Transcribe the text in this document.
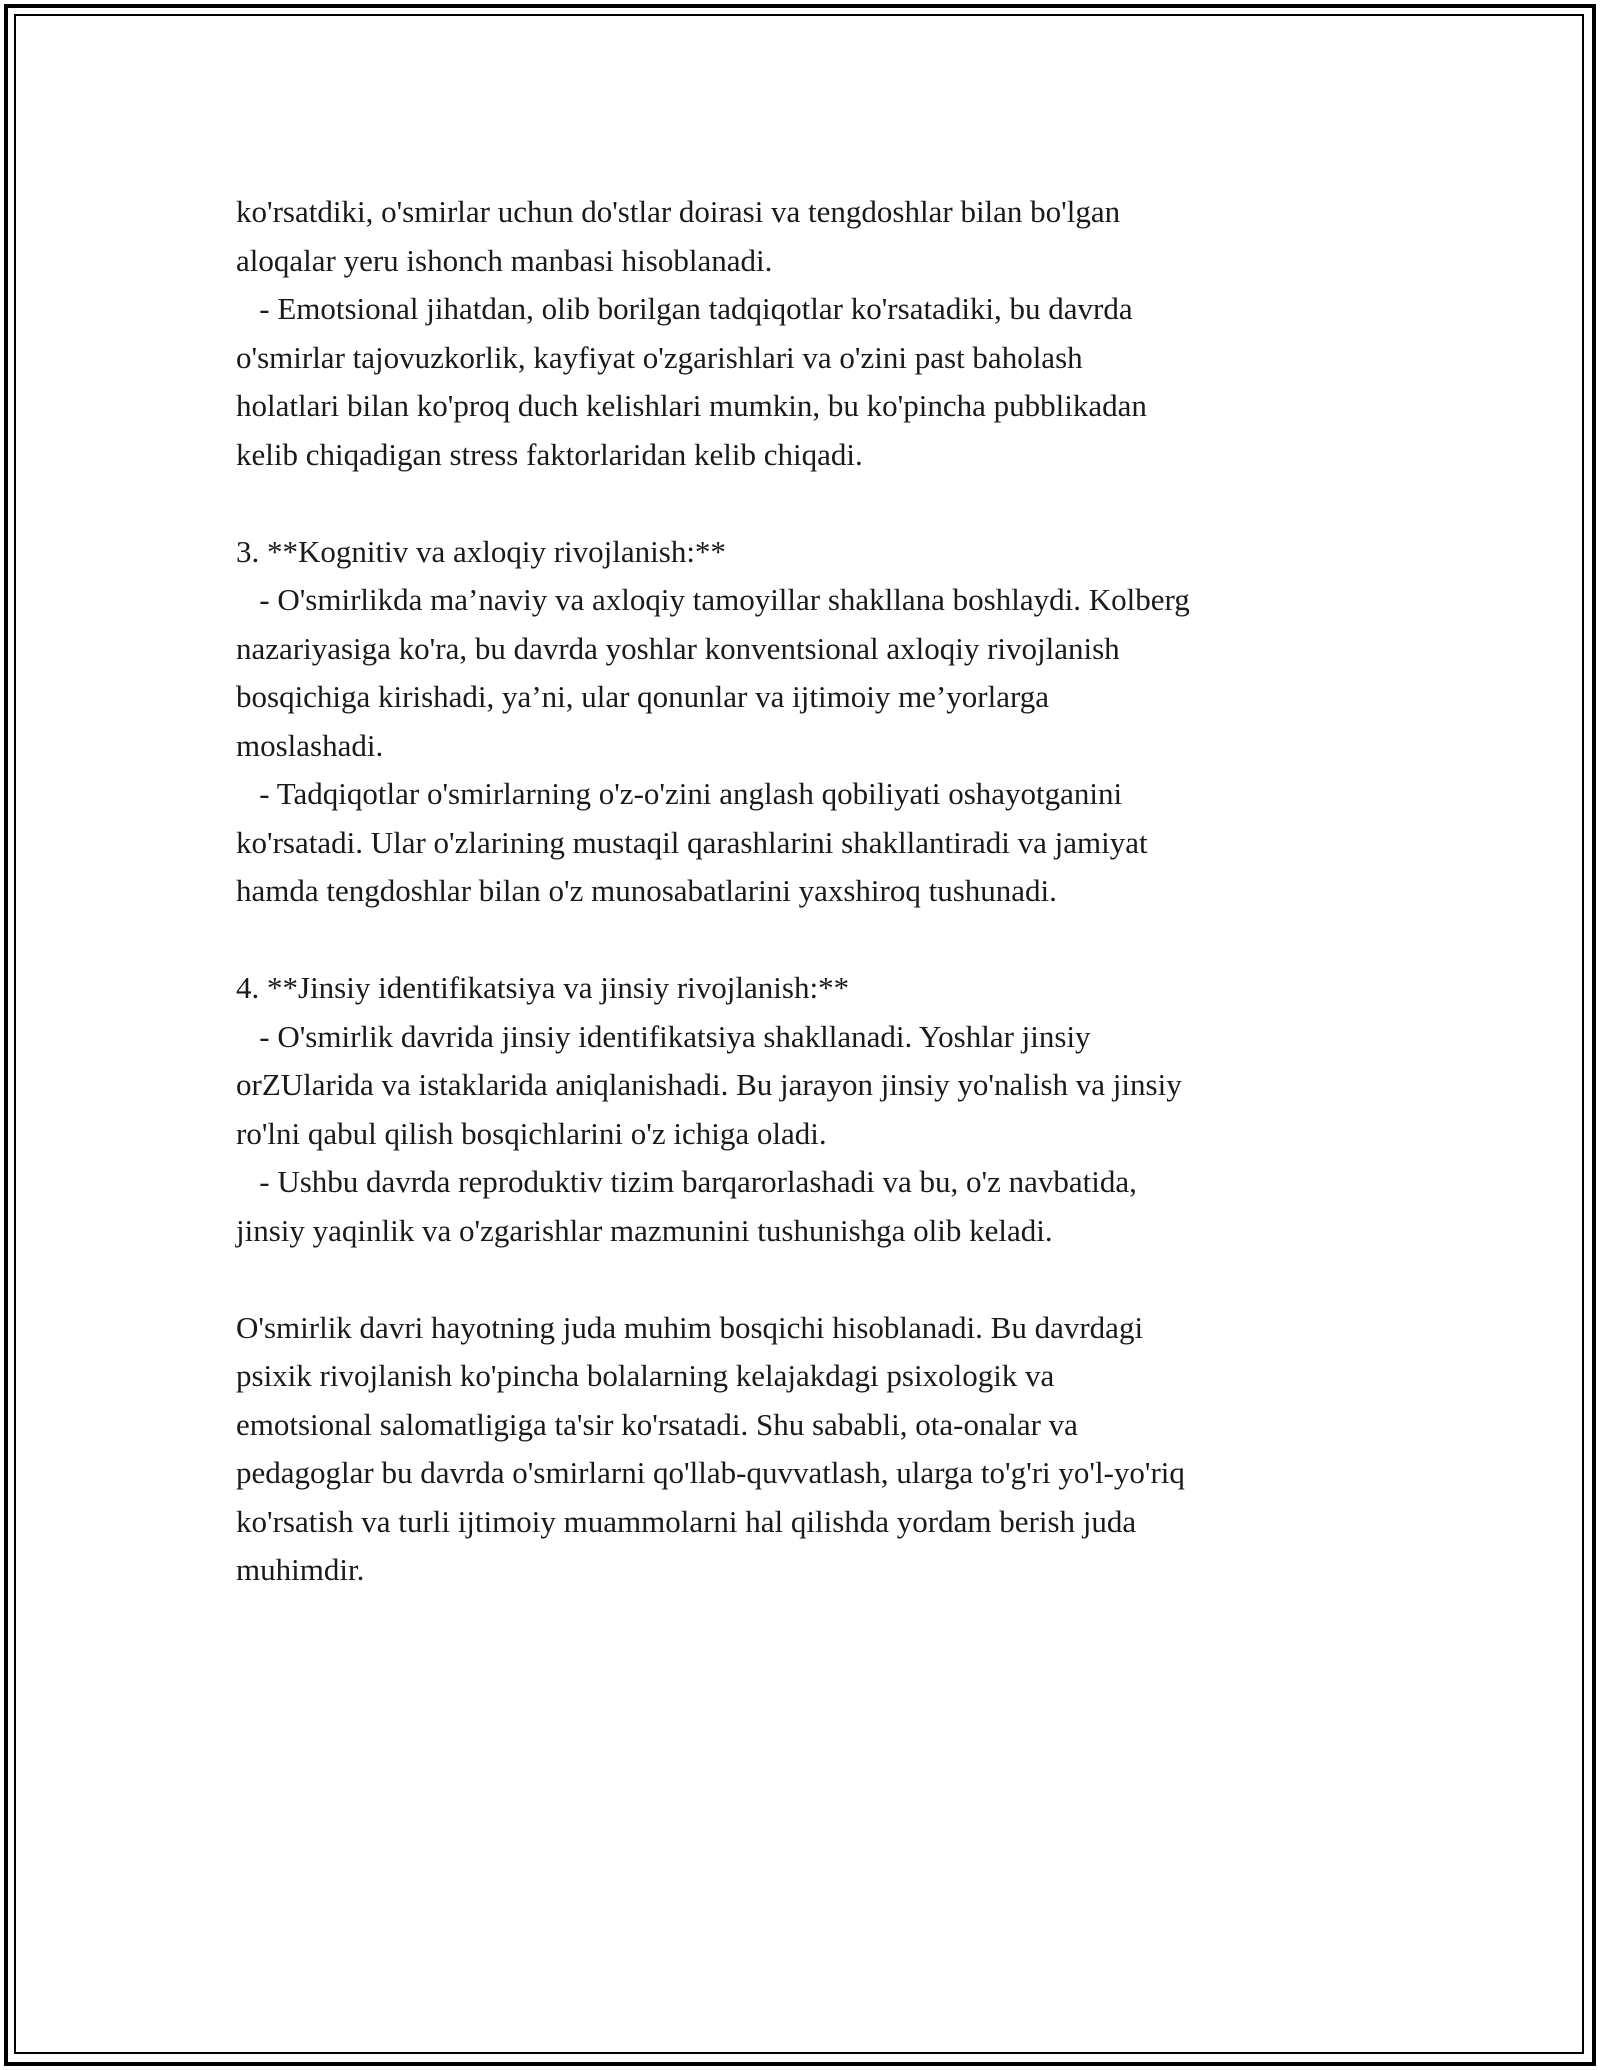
ko'rsatdiki, o'smirlar uchun do'stlar doirasi va tengdoshlar bilan bo'lgan
aloqalar yeru ishonch manbasi hisoblanadi.
- Emotsional jihatdan, olib borilgan tadqiqotlar ko'rsatadiki, bu davrda
o'smirlar tajovuzkorlik, kayfiyat o'zgarishlari va o'zini past baholash
holatlari bilan ko'proq duch kelishlari mumkin, bu ko'pincha pubblikadan
kelib chiqadigan stress faktorlaridan kelib chiqadi.
3. **Kognitiv va axloqiy rivojlanish:**
- O'smirlikda ma’naviy va axloqiy tamoyillar shakllana boshlaydi. Kolberg
nazariyasiga ko'ra, bu davrda yoshlar konventsional axloqiy rivojlanish
bosqichiga kirishadi, ya’ni, ular qonunlar va ijtimoiy me’yorlarga
moslashadi.
- Tadqiqotlar o'smirlarning o'z-o'zini anglash qobiliyati oshayotganini
ko'rsatadi. Ular o'zlarining mustaqil qarashlarini shakllantiradi va jamiyat
hamda tengdoshlar bilan o'z munosabatlarini yaxshiroq tushunadi.
4. **Jinsiy identifikatsiya va jinsiy rivojlanish:**
- O'smirlik davrida jinsiy identifikatsiya shakllanadi. Yoshlar jinsiy
orZUlarida va istaklarida aniqlanishadi. Bu jarayon jinsiy yo'nalish va jinsiy
ro'lni qabul qilish bosqichlarini o'z ichiga oladi.
- Ushbu davrda reproduktiv tizim barqarorlashadi va bu, o'z navbatida,
jinsiy yaqinlik va o'zgarishlar mazmunini tushunishga olib keladi.
O'smirlik davri hayotning juda muhim bosqichi hisoblanadi. Bu davrdagi
psixik rivojlanish ko'pincha bolalarning kelajakdagi psixologik va
emotsional salomatligiga ta'sir ko'rsatadi. Shu sababli, ota-onalar va
pedagoglar bu davrda o'smirlarni qo'llab-quvvatlash, ularga to'g'ri yo'l-yo'riq
ko'rsatish va turli ijtimoiy muammolarni hal qilishda yordam berish juda
muhimdir.
